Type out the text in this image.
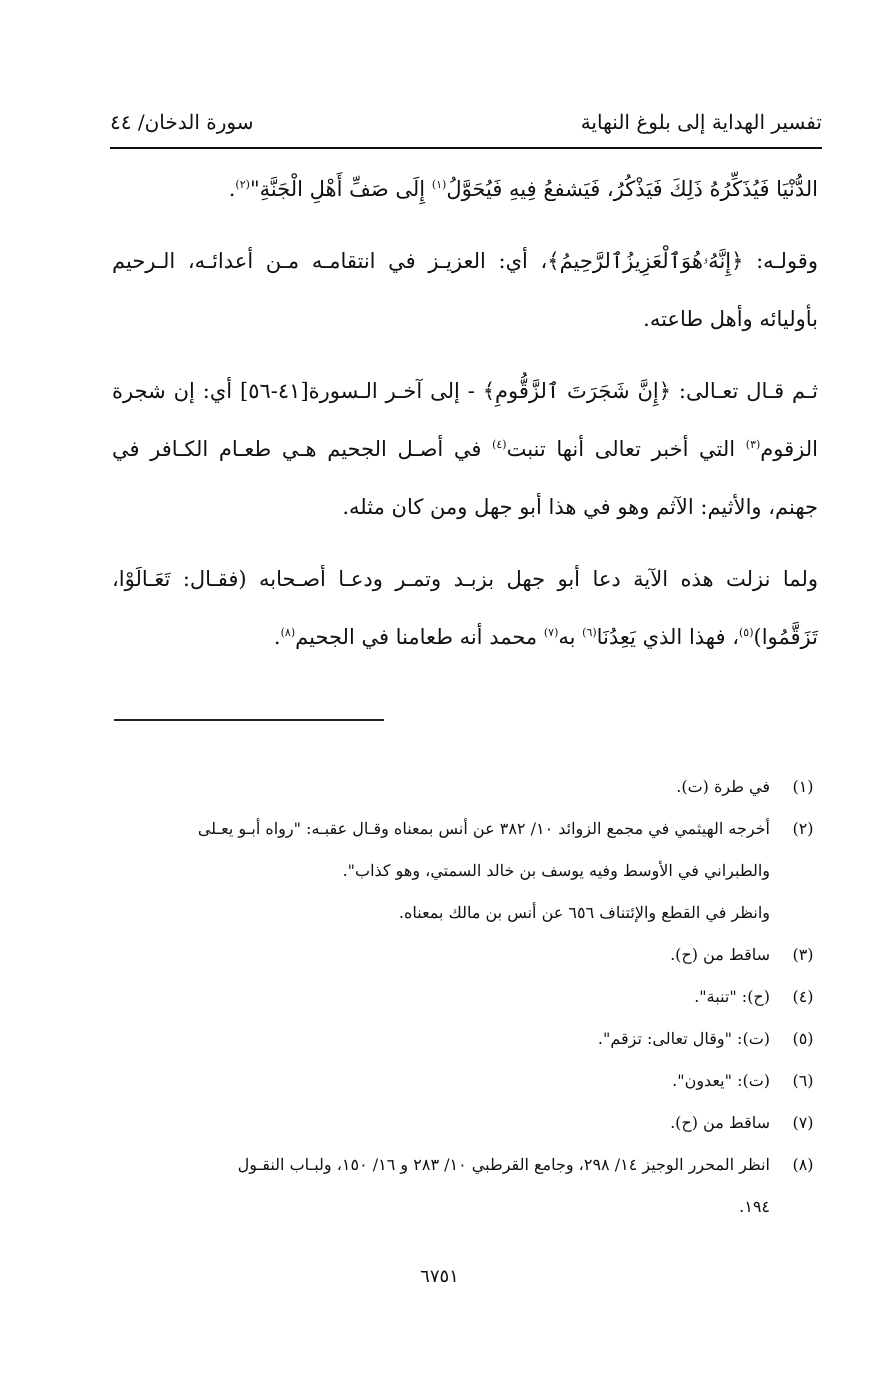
تفسير الهداية إلى بلوغ النهاية
سورة الدخان/ ٤٤

الدُّنْيَا فَيُذَكِّرُهُ ذَلِكَ فَيَذْكُرُ، فَيَشفعُ فِيهِ فَيُحَوَّلُ$^{(١)}$ إِلَى صَفِّ أَهْلِ الْجَنَّةِ"$^{(٢)}$.

وقولـه: ﴿إِنَّهُۥهُوَٱلْعَزِيزُٱلرَّحِيمُ﴾، أي: العزيـز في انتقامـه مـن أعدائـه، الـرحيم بأوليائه وأهل طاعته.

ثـم قـال تعـالى: ﴿إِنَّ شَجَرَتَ ٱلزَّقُّومِ﴾ - إلى آخـر الـسورة[٤١-٥٦] أي: إن شجرة الزقوم$^{(٣)}$ التي أخبر تعالى أنها تنبت$^{(٤)}$ في أصـل الجحيم هـي طعـام الكـافر في جهنم، والأثيم: الآثم وهو في هذا أبو جهل ومن كان مثله.

ولما نزلت هذه الآية دعا أبو جهل بزبـد وتمـر ودعـا أصـحابه (فقـال: تَعَـالَوْا، تَزَقَّمُوا)$^{(٥)}$، فهذا الذي يَعِدُنَا$^{(٦)}$ به$^{(٧)}$ محمد أنه طعامنا في الجحيم$^{(٨)}$.

(١)
في طرة (ت).
(٢)
أخرجه الهيثمي في مجمع الزوائد ١٠/ ٣٨٢ عن أنس بمعناه وقـال عقبـه: "رواه أبـو يعـلى
والطبراني في الأوسط وفيه يوسف بن خالد السمتي، وهو كذاب".
وانظر في القطع والإئتناف ٦٥٦ عن أنس بن مالك بمعناه.
(٣)
ساقط من (ح).
(٤)
(ح): "تنبة".
(٥)
(ت): "وقال تعالى: تزقم".
(٦)
(ت): "يعدون".
(٧)
ساقط من (ح).
(٨)
انظر المحرر الوجيز ١٤/ ٢٩٨، وجامع القرطبي ١٠/ ٢٨٣ و ١٦/ ١٥٠، ولبـاب النقـول
١٩٤.
٦٧٥١
